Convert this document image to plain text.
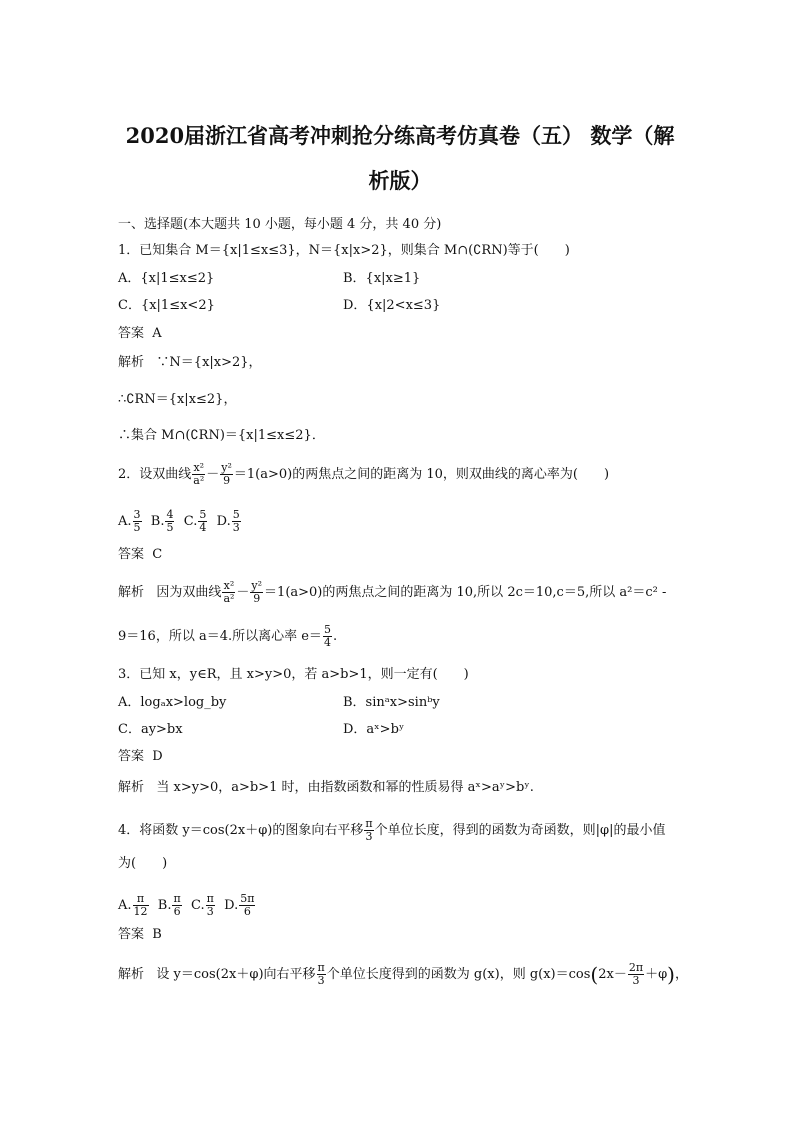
2020届浙江省高考冲刺抢分练高考仿真卷（五） 数学（解
析版）
一、选择题(本大题共 10 小题，每小题 4 分，共 40 分)
1．已知集合 M＝{x|1≤x≤3}，N＝{x|x>2}，则集合 M∩(∁RN)等于(　　)
A．{x|1≤x≤2}	B．{x|x≥1}
C．{x|1≤x<2}	D．{x|2<x≤3}
答案 A
解析 ∵N＝{x|x>2}，
∴∁RN＝{x|x≤2}，
∴集合 M∩(∁RN)＝{x|1≤x≤2}．
2．设双曲线 $\frac{\text{x²}}{\text{a²}} - \frac{\text{y²}}{9} =1(a>0)$的两焦点之间的距离为 10，则双曲线的离心率为(　　)
A. $\frac{3}{5} B$. $\frac{4}{5} C$. $\frac{5}{4} D$. $\frac{5}{3}$
答案 C
解析 因为双曲线 $\frac{\text{x²}}{\text{a²}} - \frac{\text{y²}}{9} =1(a>0)$的两焦点之间的距离为 10,所以 2c＝10,c＝5,所以 a²＝c² -
9＝16，所以 a＝4.所以离心率 $e= \frac{5}{4}$ .
3．已知 x，y∈R，且 x>y>0，若 a>b>1，则一定有(　　)
A．logₐx>log_by	B．sinᵃx>sinᵇy
C．ay>bx	D．aˣ>bʸ
答案 D
解析 当 x>y>0，a>b>1 时，由指数函数和幂的性质易得 aˣ>aʸ>bʸ.
4．将函数 y＝cos(2x＋φ)的图象向右平移 $\frac{\pi}{3}$ 个单位长度，得到的函数为奇函数，则|φ|的最小值
为(　　)
A. $\frac{\pi}{12} B$. $\frac{\pi}{6} C$. $\frac{\pi}{3} D$. $\frac{5\pi}{6}$
答案 B
解析 设 y＝cos(2x＋φ)向右平移 $\frac{\pi}{3}$ 个单位长度得到的函数为 g(x)，则 $g(x)=\cos(2x- \frac{2\pi}{3} +\varphi)$，
